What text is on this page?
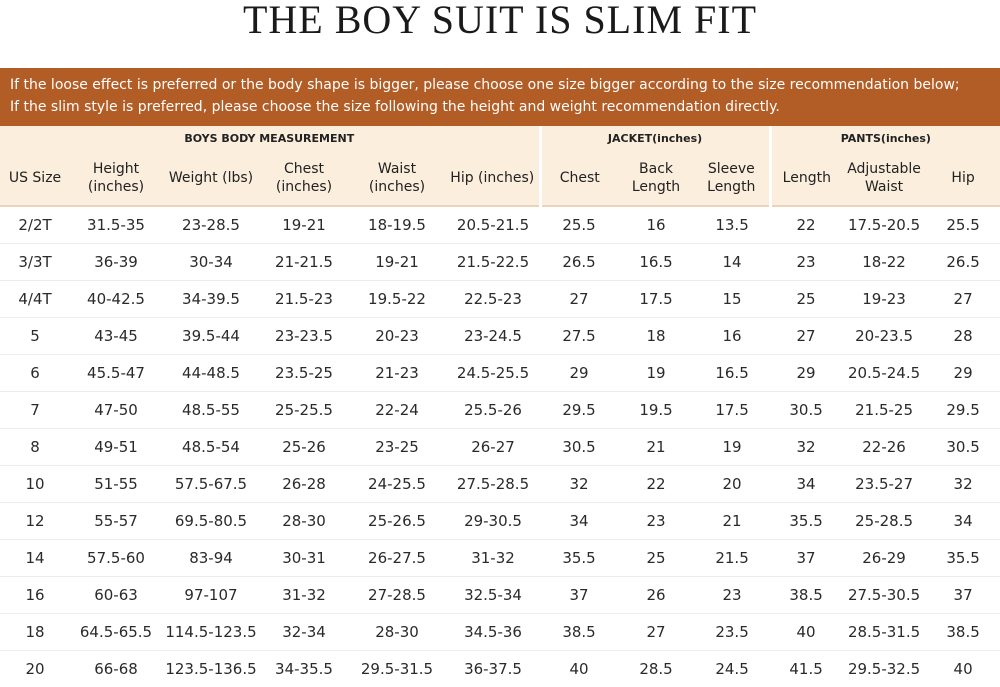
THE BOY SUIT IS SLIM FIT
If the loose effect is preferred or the body shape is bigger, please choose one size bigger according to the size recommendation below;
If the slim style is preferred, please choose the size following the height and weight recommendation directly.
BOYS BODY MEASUREMENT						JACKET(inches)			PANTS(inches)		
US Size	Height (inches)	Weight (lbs)	Chest (inches)	Waist (inches)	Hip (inches)	Chest	Back Length	Sleeve Length	Length	Adjustable Waist	Hip
2/2T	31.5-35	23-28.5	19-21	18-19.5	20.5-21.5	25.5	16	13.5	22	17.5-20.5	25.5
3/3T	36-39	30-34	21-21.5	19-21	21.5-22.5	26.5	16.5	14	23	18-22	26.5
4/4T	40-42.5	34-39.5	21.5-23	19.5-22	22.5-23	27	17.5	15	25	19-23	27
5	43-45	39.5-44	23-23.5	20-23	23-24.5	27.5	18	16	27	20-23.5	28
6	45.5-47	44-48.5	23.5-25	21-23	24.5-25.5	29	19	16.5	29	20.5-24.5	29
7	47-50	48.5-55	25-25.5	22-24	25.5-26	29.5	19.5	17.5	30.5	21.5-25	29.5
8	49-51	48.5-54	25-26	23-25	26-27	30.5	21	19	32	22-26	30.5
10	51-55	57.5-67.5	26-28	24-25.5	27.5-28.5	32	22	20	34	23.5-27	32
12	55-57	69.5-80.5	28-30	25-26.5	29-30.5	34	23	21	35.5	25-28.5	34
14	57.5-60	83-94	30-31	26-27.5	31-32	35.5	25	21.5	37	26-29	35.5
16	60-63	97-107	31-32	27-28.5	32.5-34	37	26	23	38.5	27.5-30.5	37
18	64.5-65.5	114.5-123.5	32-34	28-30	34.5-36	38.5	27	23.5	40	28.5-31.5	38.5
20	66-68	123.5-136.5	34-35.5	29.5-31.5	36-37.5	40	28.5	24.5	41.5	29.5-32.5	40
